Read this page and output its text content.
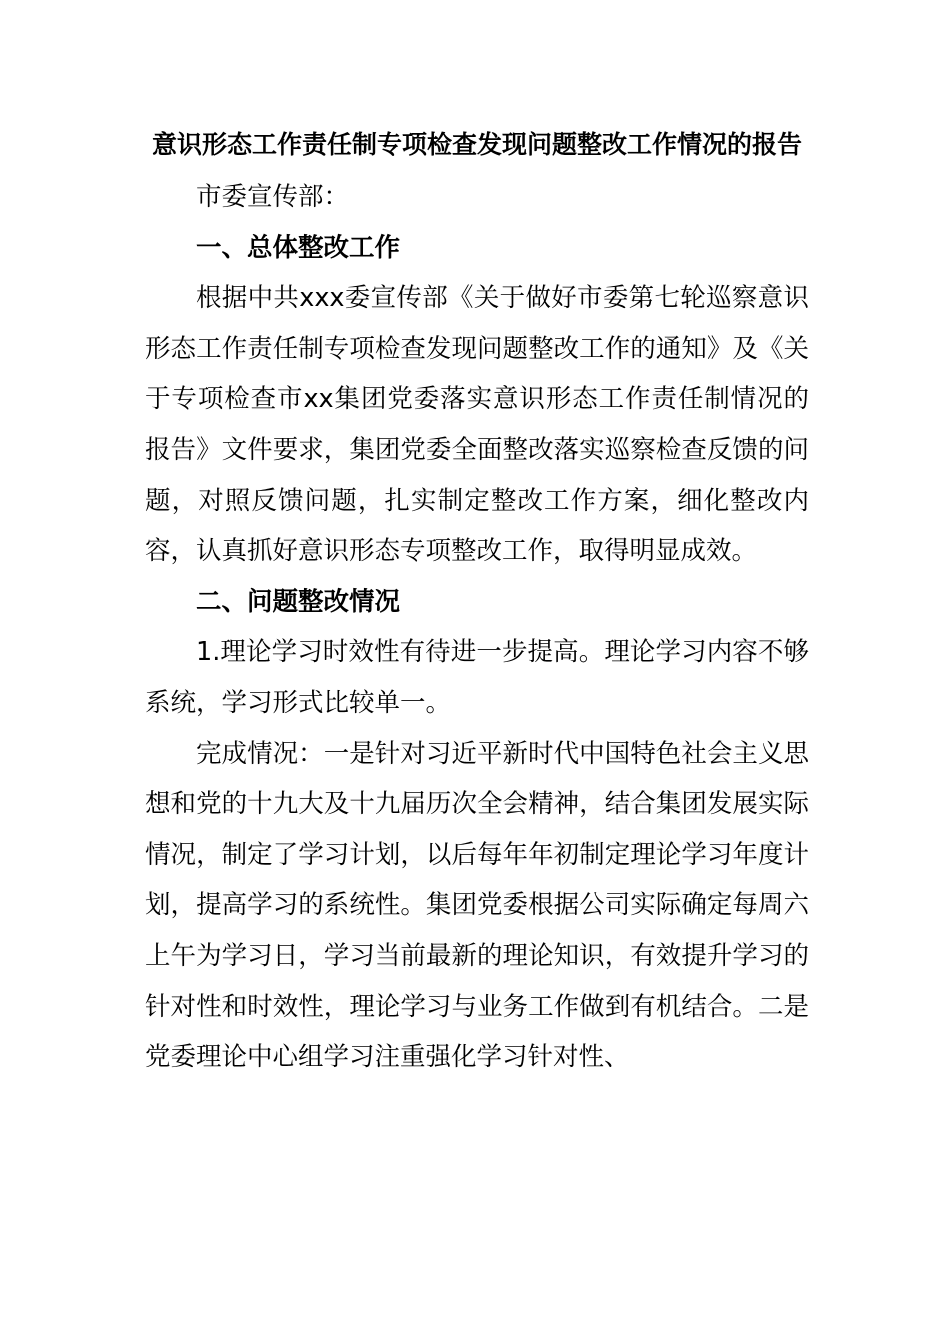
意识形态工作责任制专项检查发现问题整改工作情况的报告

市委宣传部：

一、总体整改工作

根据中共xxx委宣传部《关于做好市委第七轮巡察意识形态工作责任制专项检查发现问题整改工作的通知》及《关于专项检查市xx集团党委落实意识形态工作责任制情况的报告》文件要求，集团党委全面整改落实巡察检查反馈的问题，对照反馈问题，扎实制定整改工作方案，细化整改内容，认真抓好意识形态专项整改工作，取得明显成效。

二、问题整改情况

1.理论学习时效性有待进一步提高。理论学习内容不够系统，学习形式比较单一。

完成情况：一是针对习近平新时代中国特色社会主义思想和党的十九大及十九届历次全会精神，结合集团发展实际情况，制定了学习计划，以后每年年初制定理论学习年度计划，提高学习的系统性。集团党委根据公司实际确定每周六上午为学习日，学习当前最新的理论知识，有效提升学习的针对性和时效性，理论学习与业务工作做到有机结合。二是党委理论中心组学习注重强化学习针对性、
